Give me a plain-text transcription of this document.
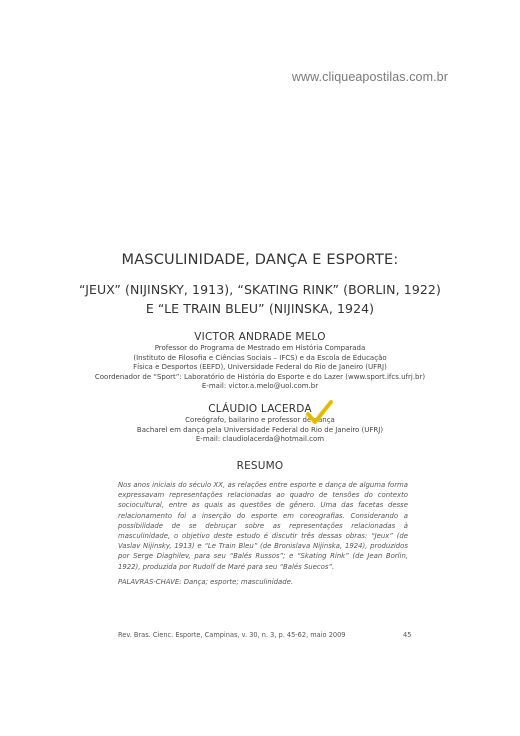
www.cliqueapostilas.com.br
MASCULINIDADE, DANÇA E ESPORTE:
“JEUX” (NIJINSKY, 1913), “SKATING RINK” (BORLIN, 1922)
E “LE TRAIN BLEU” (NIJINSKA, 1924)
VICTOR ANDRADE MELO
Professor do Programa de Mestrado em História Comparada
(Instituto de Filosofia e Ciências Sociais – IFCS) e da Escola de Educação
Física e Desportos (EEFD), Universidade Federal do Rio de Janeiro (UFRJ)
Coordenador de “Sport”: Laboratório de História do Esporte e do Lazer (www.sport.ifcs.ufrj.br)
E-mail: victor.a.melo@uol.com.br
CLÁUDIO LACERDA
Coreógrafo, bailarino e professor de dança
Bacharel em dança pela Universidade Federal do Rio de Janeiro (UFRJ)
E-mail: claudiolacerda@hotmail.com
RESUMO
Nos anos iniciais do século XX, as relações entre esporte e dança de alguma forma expressavam representações relacionadas ao quadro de tensões do contexto sociocultural, entre as quais as questões de gênero. Uma das facetas desse relacionamento foi a inserção do esporte em coreografias. Considerando a possibilidade de se debruçar sobre as representações relacionadas à masculinidade, o objetivo deste estudo é discutir três dessas obras: “Jeux” (de Vaslav Nijinsky, 1913) e “Le Train Bleu” (de Bronislava Nijinska, 1924), produzidos por Serge Diaghilev, para seu “Balés Russos”; e “Skating Rink” (de Jean Borlin, 1922), produzida por Rudolf de Maré para seu “Balés Suecos”.
PALAVRAS-CHAVE: Dança; esporte; masculinidade.
Rev. Bras. Cienc. Esporte, Campinas, v. 30, n. 3, p. 45-62, maio 2009	45
